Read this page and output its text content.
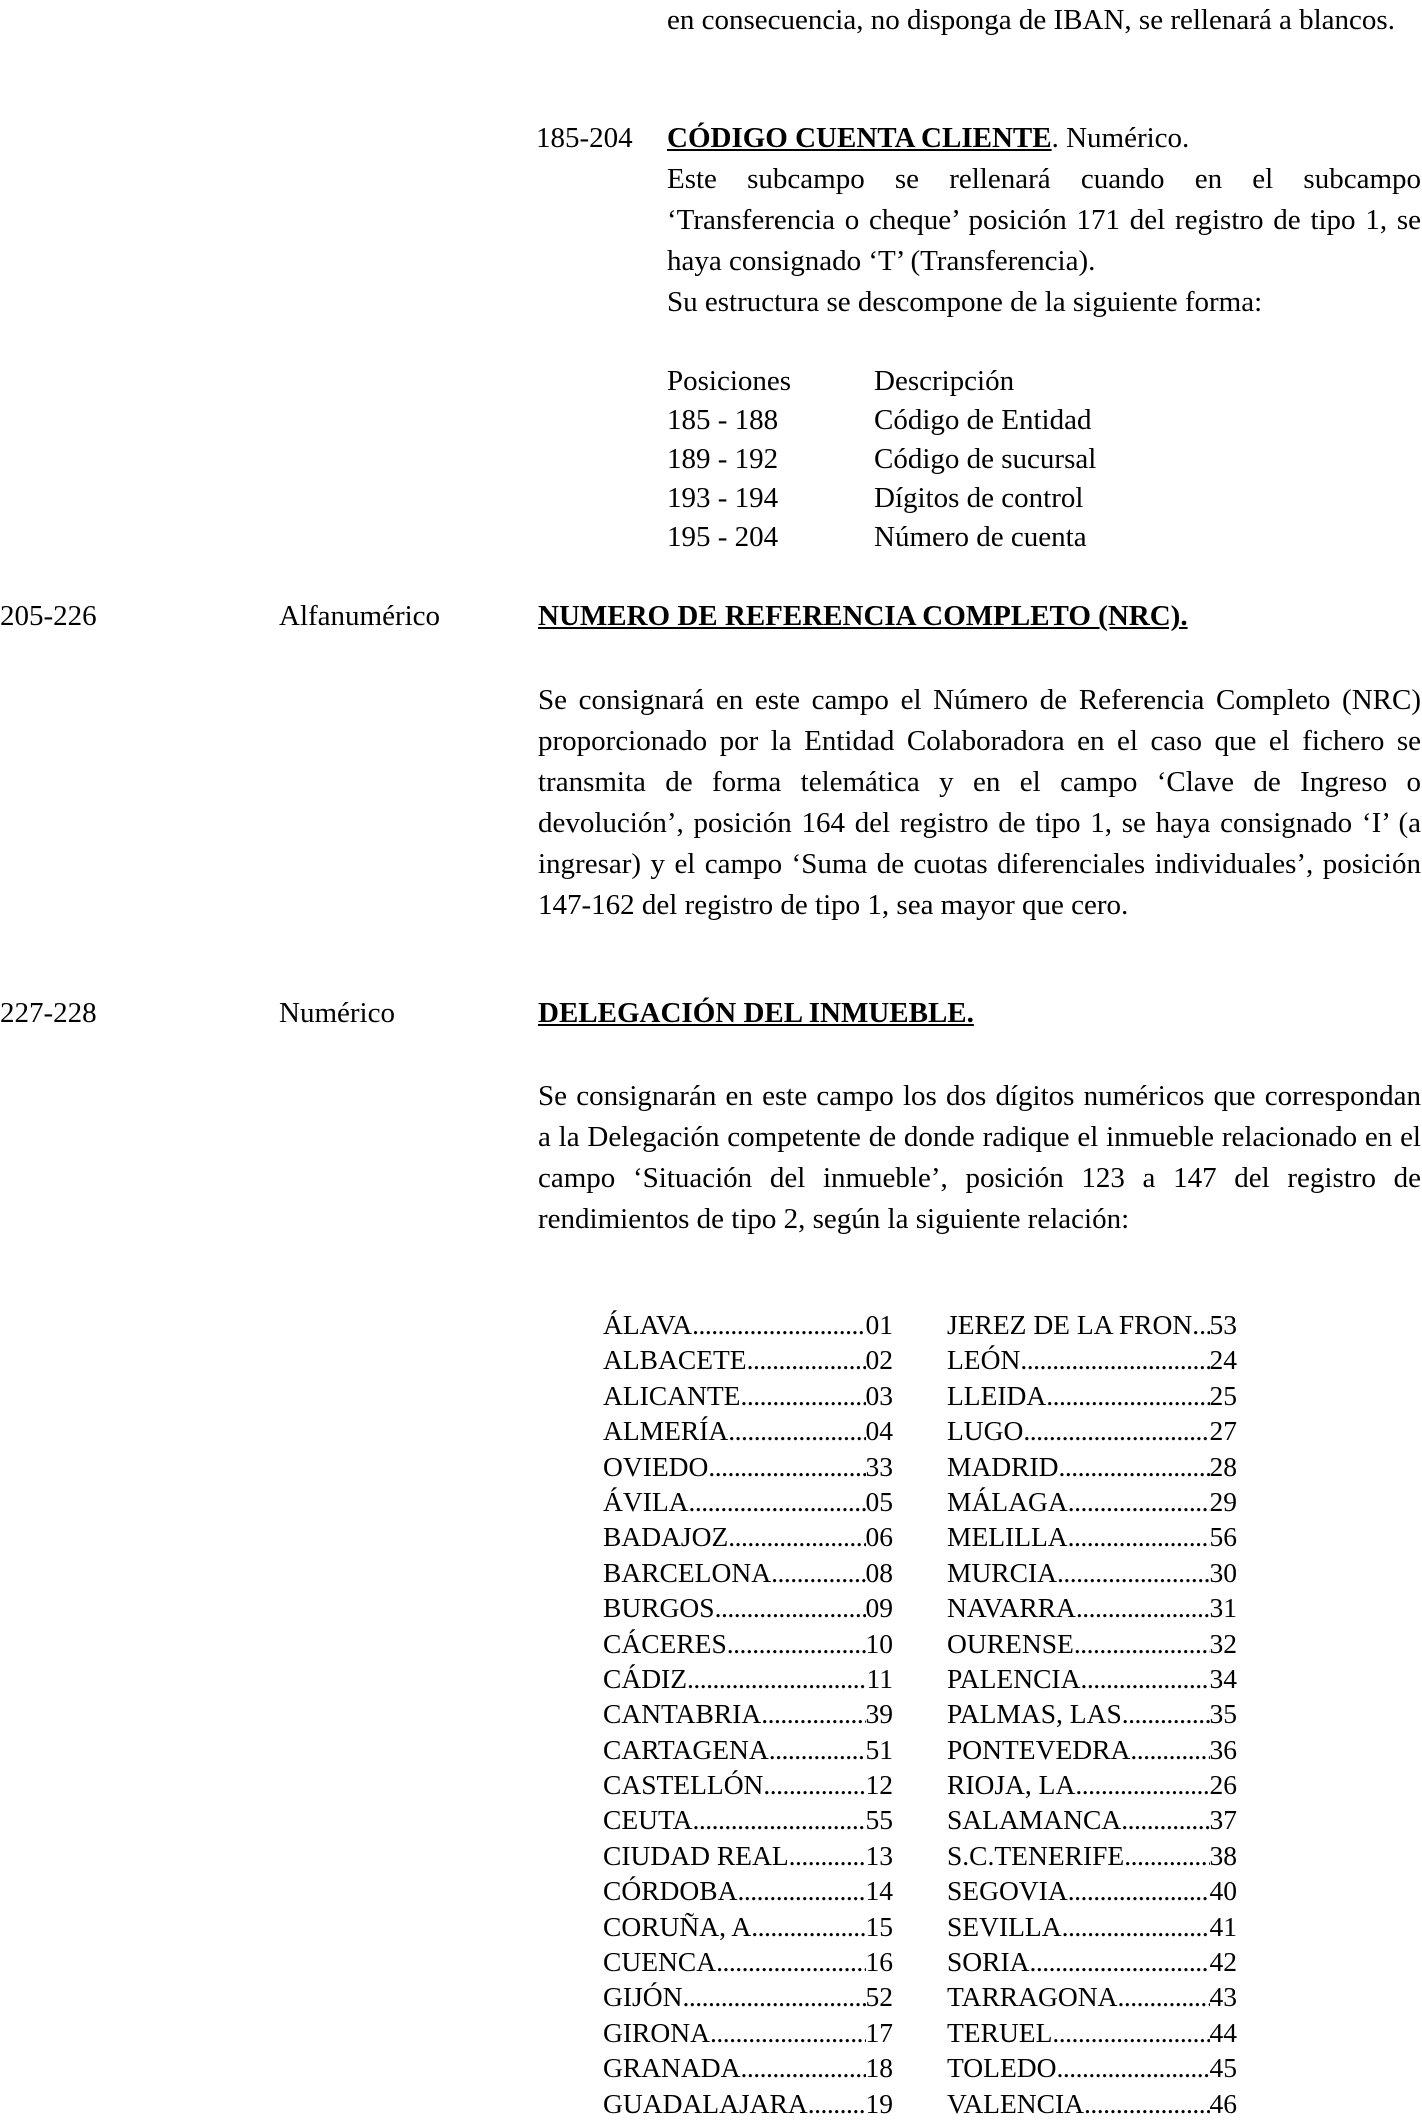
en consecuencia, no disponga de IBAN, se rellenará a blancos.

185-204 CÓDIGO CUENTA CLIENTE. Numérico.

Este subcampo se rellenará cuando en el subcampo ‘Transferencia o cheque’ posición 171 del registro de tipo 1, se haya consignado ‘T’ (Transferencia).

Su estructura se descompone de la siguiente forma:

Posiciones	Descripción
185 - 188	Código de Entidad
189 - 192	Código de sucursal
193 - 194	Dígitos de control
195 - 204	Número de cuenta
205-226	Alfanumérico	NUMERO DE REFERENCIA COMPLETO (NRC).

Se consignará en este campo el Número de Referencia Completo (NRC) proporcionado por la Entidad Colaboradora en el caso que el fichero se transmita de forma telemática y en el campo ‘Clave de Ingreso o devolución’, posición 164 del registro de tipo 1, se haya consignado ‘I’ (a ingresar) y el campo ‘Suma de cuotas diferenciales individuales’, posición 147-162 del registro de tipo 1, sea mayor que cero.

227-228	Numérico	DELEGACIÓN DEL INMUEBLE.

Se consignarán en este campo los dos dígitos numéricos que correspondan a la Delegación competente de donde radique el inmueble relacionado en el campo ‘Situación del inmueble’, posición 123 a 147 del registro de rendimientos de tipo 2, según la siguiente relación:

ÁLAVA .....	01
ALBACETE .....	02
ALICANTE .....	03
ALMERÍA .....	04
OVIEDO .....	33
ÁVILA .....	05
BADAJOZ .....	06
BARCELONA .....	08
BURGOS .....	09
CÁCERES .....	10
CÁDIZ .....	11
CANTABRIA .....	39
CARTAGENA .....	51
CASTELLÓN .....	12
CEUTA .....	55
CIUDAD REAL .....	13
CÓRDOBA .....	14
CORUÑA, A .....	15
CUENCA .....	16
GIJÓN .....	52
GIRONA .....	17
GRANADA .....	18
GUADALAJARA ..... 19
JEREZ DE LA FRON. ..... 53
LEÓN .....	24
LLEIDA .....	25
LUGO .....	27
MADRID .....	28
MÁLAGA .....	29
MELILLA .....	56
MURCIA .....	30
NAVARRA .....	31
OURENSE .....	32
PALENCIA .....	34
PALMAS, LAS .....	35
PONTEVEDRA .....	36
RIOJA, LA .....	26
SALAMANCA .....	37
S.C.TENERIFE .....	38
SEGOVIA .....	40
SEVILLA .....	41
SORIA .....	42
TARRAGONA .....	43
TERUEL .....	44
TOLEDO .....	45
VALENCIA .....	46
